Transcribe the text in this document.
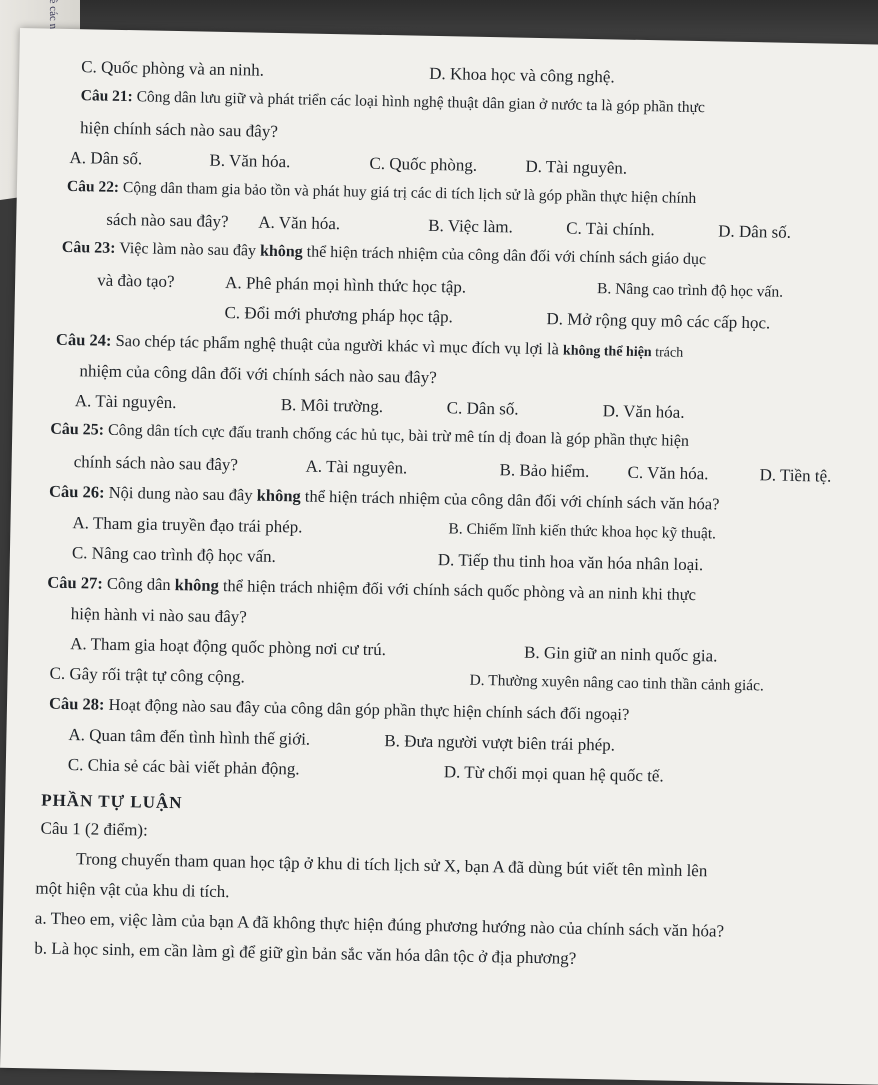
C. Quốc phòng và an ninh.	D. Khoa học và công nghệ.
Câu 21: Công dân lưu giữ và phát triển các loại hình nghệ thuật dân gian ở nước ta là góp phần thực
hiện chính sách nào sau đây?
A. Dân số.	B. Văn hóa.	C. Quốc phòng.	D. Tài nguyên.
Câu 22: Cộng dân tham gia bảo tồn và phát huy giá trị các di tích lịch sử là góp phần thực hiện chính
sách nào sau đây? A. Văn hóa.	B. Việc làm.	C. Tài chính.	D. Dân số.
Câu 23: Việc làm nào sau đây không thể hiện trách nhiệm của công dân đối với chính sách giáo dục
và đào tạo?	A. Phê phán mọi hình thức học tập.	B. Nâng cao trình độ học vấn.
C. Đổi mới phương pháp học tập.	D. Mở rộng quy mô các cấp học.
Câu 24: Sao chép tác phẩm nghệ thuật của người khác vì mục đích vụ lợi là không thể hiện trách
nhiệm của công dân đối với chính sách nào sau đây?
A. Tài nguyên.	B. Môi trường.	C. Dân số.	D. Văn hóa.
Câu 25: Công dân tích cực đấu tranh chống các hủ tục, bài trừ mê tín dị đoan là góp phần thực hiện
chính sách nào sau đây?	A. Tài nguyên.	B. Bảo hiểm. C. Văn hóa.	D. Tiền tệ.
Câu 26: Nội dung nào sau đây không thể hiện trách nhiệm của công dân đối với chính sách văn hóa?
A. Tham gia truyền đạo trái phép.	B. Chiếm lĩnh kiến thức khoa học kỹ thuật.
C. Nâng cao trình độ học vấn.	D. Tiếp thu tinh hoa văn hóa nhân loại.
Câu 27: Công dân không thể hiện trách nhiệm đối với chính sách quốc phòng và an ninh khi thực
hiện hành vi nào sau đây?
A. Tham gia hoạt động quốc phòng nơi cư trú.	B. Gin giữ an ninh quốc gia.
C. Gây rối trật tự công cộng.	D. Thường xuyên nâng cao tinh thần cảnh giác.
Câu 28: Hoạt động nào sau đây của công dân góp phần thực hiện chính sách đối ngoại?
A. Quan tâm đến tình hình thế giới.	B. Đưa người vượt biên trái phép.
C. Chia sẻ các bài viết phản động.	D. Từ chối mọi quan hệ quốc tế.
PHẦN TỰ LUẬN
Câu 1 (2 điểm):
Trong chuyến tham quan học tập ở khu di tích lịch sử X, bạn A đã dùng bút viết tên mình lên
một hiện vật của khu di tích.
a. Theo em, việc làm của bạn A đã không thực hiện đúng phương hướng nào của chính sách văn hóa?
b. Là học sinh, em cần làm gì để giữ gìn bản sắc văn hóa dân tộc ở địa phương?
